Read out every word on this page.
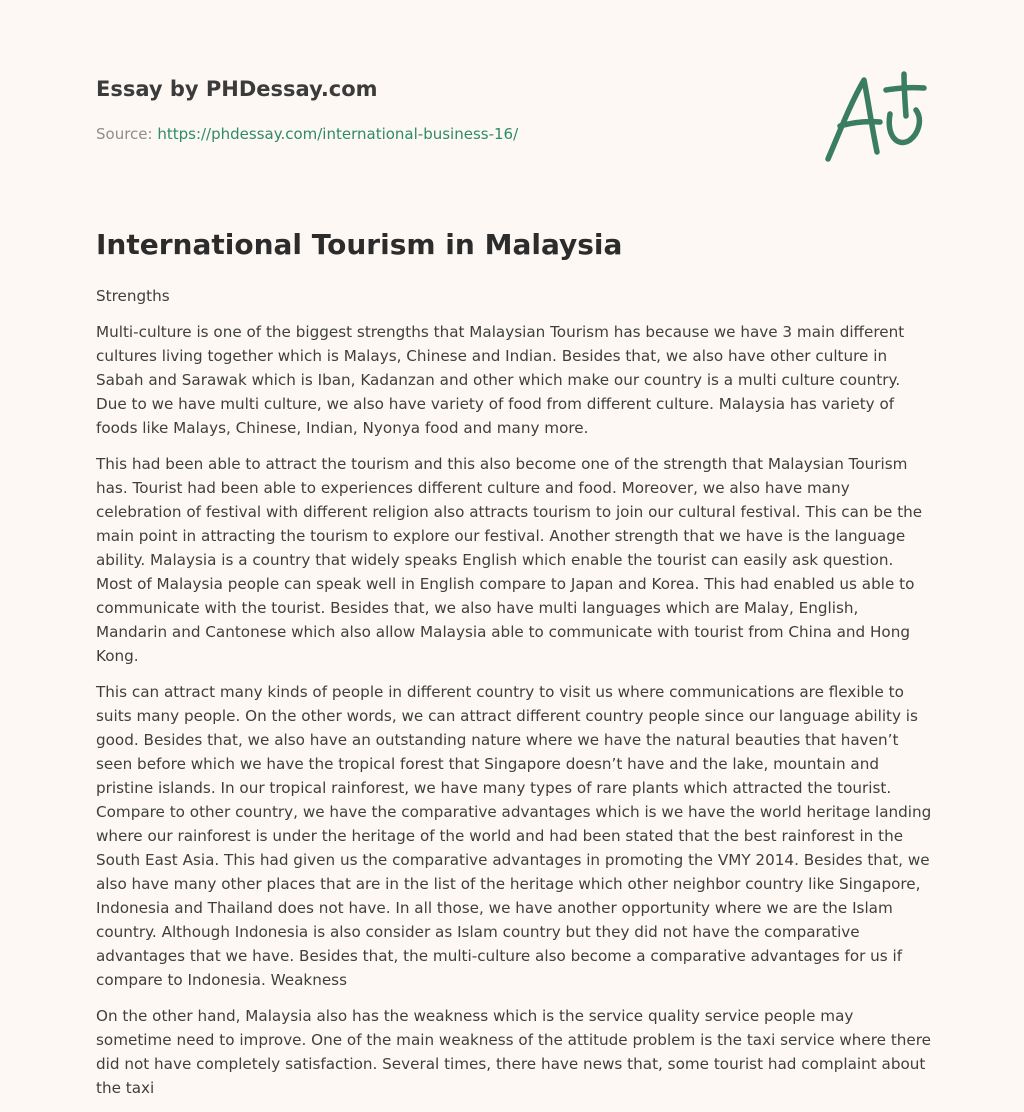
Essay by PHDessay.com
Source: https://phdessay.com/international-business-16/
International Tourism in Malaysia
Strengths

Multi-culture is one of the biggest strengths that Malaysian Tourism has because we have 3 main different cultures living together which is Malays, Chinese and Indian. Besides that, we also have other culture in Sabah and Sarawak which is Iban, Kadanzan and other which make our country is a multi culture country. Due to we have multi culture, we also have variety of food from different culture. Malaysia has variety of foods like Malays, Chinese, Indian, Nyonya food and many more.

This had been able to attract the tourism and this also become one of the strength that Malaysian Tourism has. Tourist had been able to experiences different culture and food. Moreover, we also have many celebration of festival with different religion also attracts tourism to join our cultural festival. This can be the main point in attracting the tourism to explore our festival. Another strength that we have is the language ability. Malaysia is a country that widely speaks English which enable the tourist can easily ask question. Most of Malaysia people can speak well in English compare to Japan and Korea. This had enabled us able to communicate with the tourist. Besides that, we also have multi languages which are Malay, English, Mandarin and Cantonese which also allow Malaysia able to communicate with tourist from China and Hong Kong.

This can attract many kinds of people in different country to visit us where communications are flexible to suits many people. On the other words, we can attract different country people since our language ability is good. Besides that, we also have an outstanding nature where we have the natural beauties that haven’t seen before which we have the tropical forest that Singapore doesn’t have and the lake, mountain and pristine islands. In our tropical rainforest, we have many types of rare plants which attracted the tourist. Compare to other country, we have the comparative advantages which is we have the world heritage landing where our rainforest is under the heritage of the world and had been stated that the best rainforest in the South East Asia. This had given us the comparative advantages in promoting the VMY 2014. Besides that, we also have many other places that are in the list of the heritage which other neighbor country like Singapore, Indonesia and Thailand does not have. In all those, we have another opportunity where we are the Islam country. Although Indonesia is also consider as Islam country but they did not have the comparative advantages that we have. Besides that, the multi-culture also become a comparative advantages for us if compare to Indonesia. Weakness

On the other hand, Malaysia also has the weakness which is the service quality service people may sometime need to improve. One of the main weakness of the attitude problem is the taxi service where there did not have completely satisfaction. Several times, there have news that, some tourist had complaint about the taxi
